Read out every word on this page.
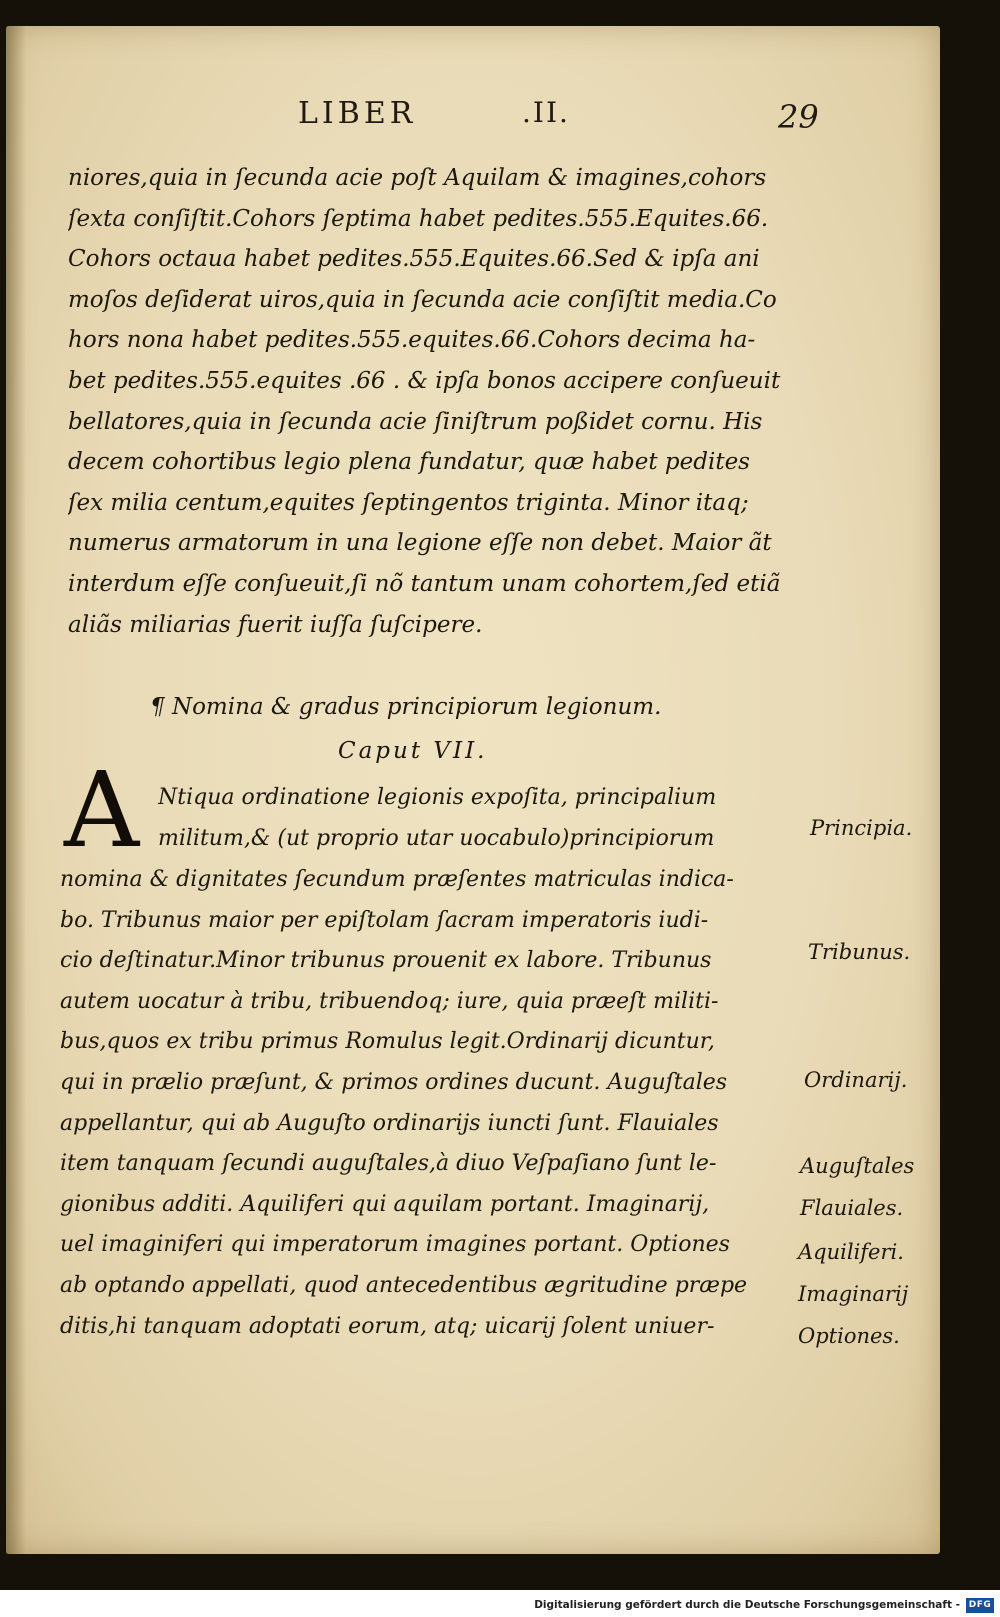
LIBER	.II.	29
niores,quia in ſecunda acie poſt Aquilam & imagines,cohors
ſexta conſiſtit.Cohors ſeptima habet pedites.555.Equites.66.
Cohors octaua habet pedites.555.Equites.66.Sed & ipſa ani
moſos deſiderat uiros,quia in ſecunda acie conſiſtit media.Co
hors nona habet pedites.555.equites.66.Cohors decima ha-
bet pedites.555.equites .66 . & ipſa bonos accipere conſueuit
bellatores,quia in ſecunda acie ſiniſtrum poßidet cornu. His
decem cohortibus legio plena fundatur, quæ habet pedites
ſex milia centum,equites ſeptingentos triginta. Minor itaq;
numerus armatorum in una legione eſſe non debet. Maior ãt
interdum eſſe conſueuit,ſi nõ tantum unam cohortem,ſed etiã
aliãs miliarias fuerit iuſſa ſuſcipere.
¶ Nomina & gradus principiorum legionum.
Caput VII.
A Ntiqua ordinatione legionis expoſita, principalium
militum,& (ut proprio utar uocabulo)principiorum
nomina & dignitates ſecundum præſentes matriculas indica-
bo. Tribunus maior per epiſtolam ſacram imperatoris iudi-
cio deſtinatur.Minor tribunus prouenit ex labore. Tribunus
autem uocatur à tribu, tribuendoq; iure, quia præeſt militi-
bus,quos ex tribu primus Romulus legit.Ordinarij dicuntur,
qui in prælio præſunt, & primos ordines ducunt. Auguſtales
appellantur, qui ab Auguſto ordinarijs iuncti ſunt. Flauiales
item tanquam ſecundi auguſtales,à diuo Veſpaſiano ſunt le-
gionibus additi. Aquiliferi qui aquilam portant. Imaginarij,
uel imaginiferi qui imperatorum imagines portant. Optiones
ab optando appellati, quod antecedentibus ægritudine præpe
ditis,hi tanquam adoptati eorum, atq; uicarij ſolent uniuer-
Principia.
Tribunus.
Ordinarij.
Auguſtales
Flauiales.
Aquiliferi.
Imaginarij
Optiones.
Digitalisierung gefördert durch die Deutsche Forschungsgemeinschaft - DFG
